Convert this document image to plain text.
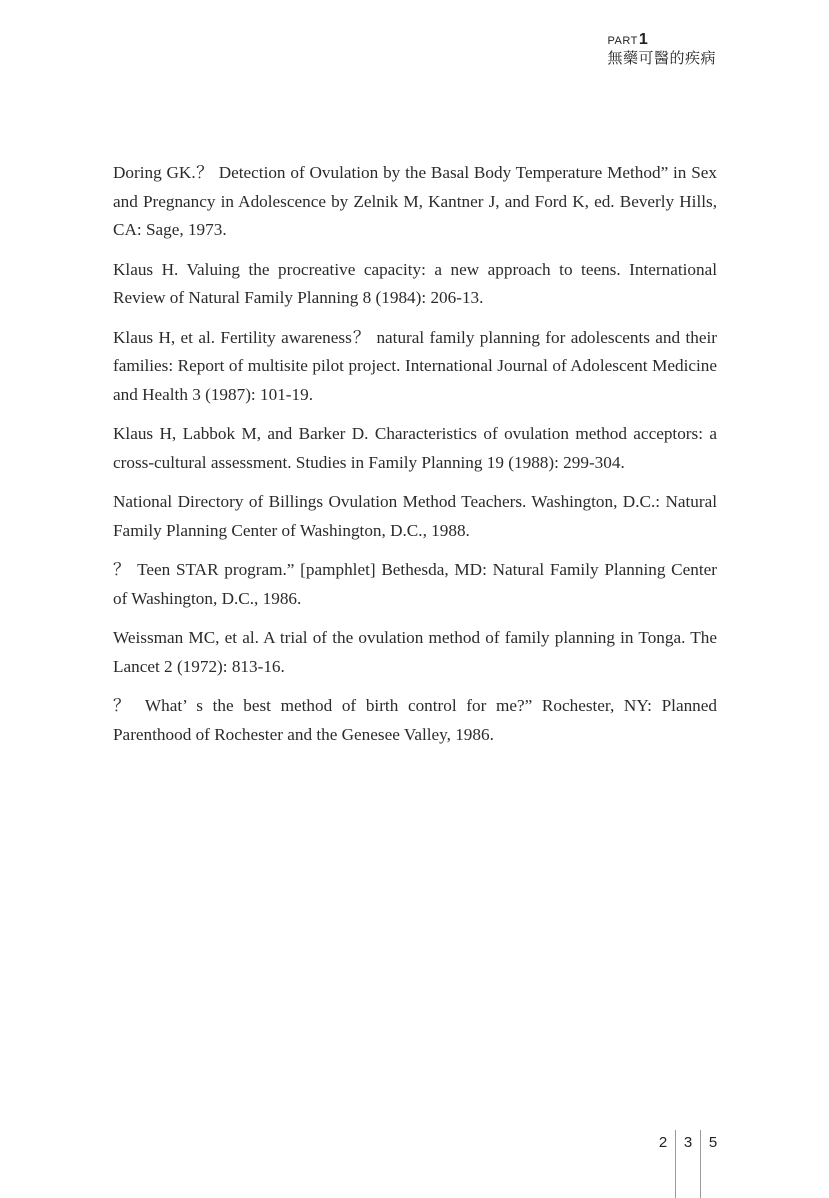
PART1
無藥可醫的疾病

Doring GK.？ Detection of Ovulation by the Basal Body Temperature Method” in Sex and Pregnancy in Adolescence by Zelnik M, Kantner J, and Ford K, ed. Beverly Hills, CA: Sage, 1973.

Klaus H. Valuing the procreative capacity: a new approach to teens. International Review of Natural Family Planning 8 (1984): 206-13.

Klaus H, et al. Fertility awareness？ natural family planning for adolescents and their families: Report of multisite pilot project. International Journal of Adolescent Medicine and Health 3 (1987): 101-19.

Klaus H, Labbok M, and Barker D. Characteristics of ovulation method acceptors: a cross-cultural assessment. Studies in Family Planning 19 (1988): 299-304.

National Directory of Billings Ovulation Method Teachers. Washington, D.C.: Natural Family Planning Center of Washington, D.C., 1988.

？ Teen STAR program.” [pamphlet] Bethesda, MD: Natural Family Planning Center of Washington, D.C., 1986.

Weissman MC, et al. A trial of the ovulation method of family planning in Tonga. The Lancet 2 (1972): 813-16.

？ What’ s the best method of birth control for me?” Rochester, NY: Planned Parenthood of Rochester and the Genesee Valley, 1986.

2 3 5
